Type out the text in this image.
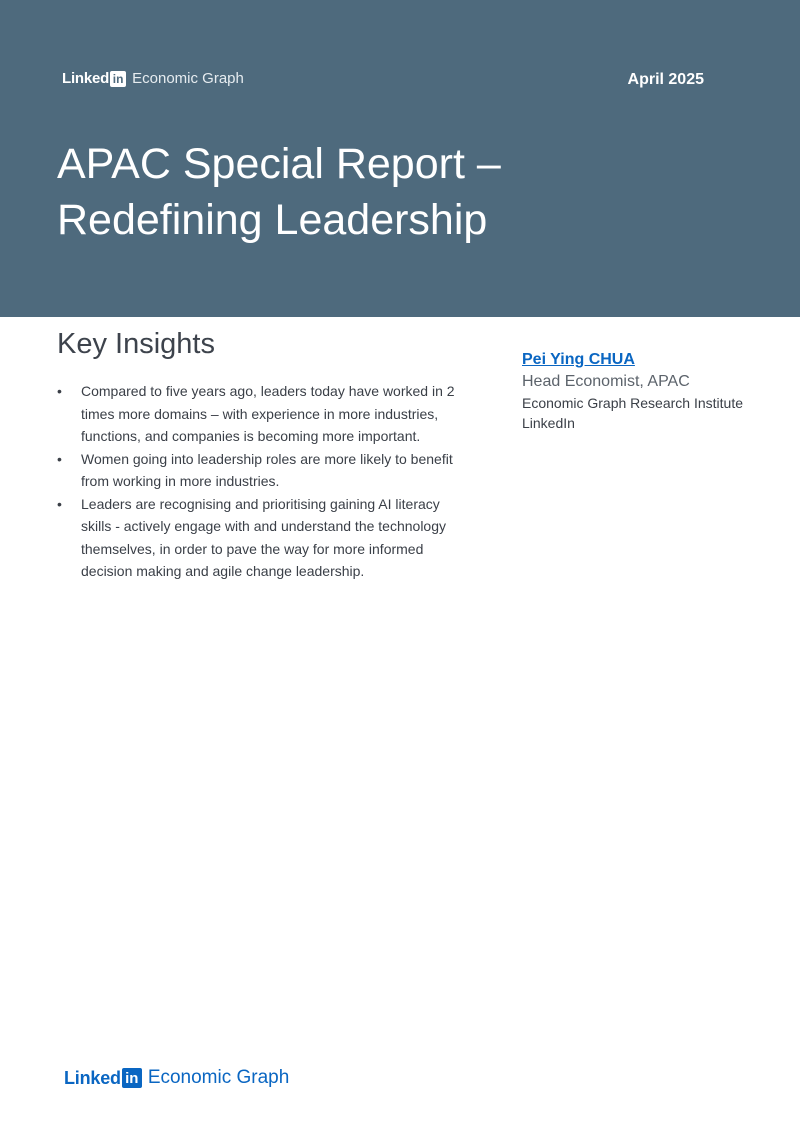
Linked in Economic Graph	April 2025
APAC Special Report –
Redefining Leadership
Key Insights
• Compared to five years ago, leaders today have worked in 2 times more domains – with experience in more industries, functions, and companies is becoming more important.
• Women going into leadership roles are more likely to benefit from working in more industries.
• Leaders are recognising and prioritising gaining AI literacy skills - actively engage with and understand the technology themselves, in order to pave the way for more informed decision making and agile change leadership.
Pei Ying CHUA
Head Economist, APAC
Economic Graph Research Institute
LinkedIn
Linked in Economic Graph
